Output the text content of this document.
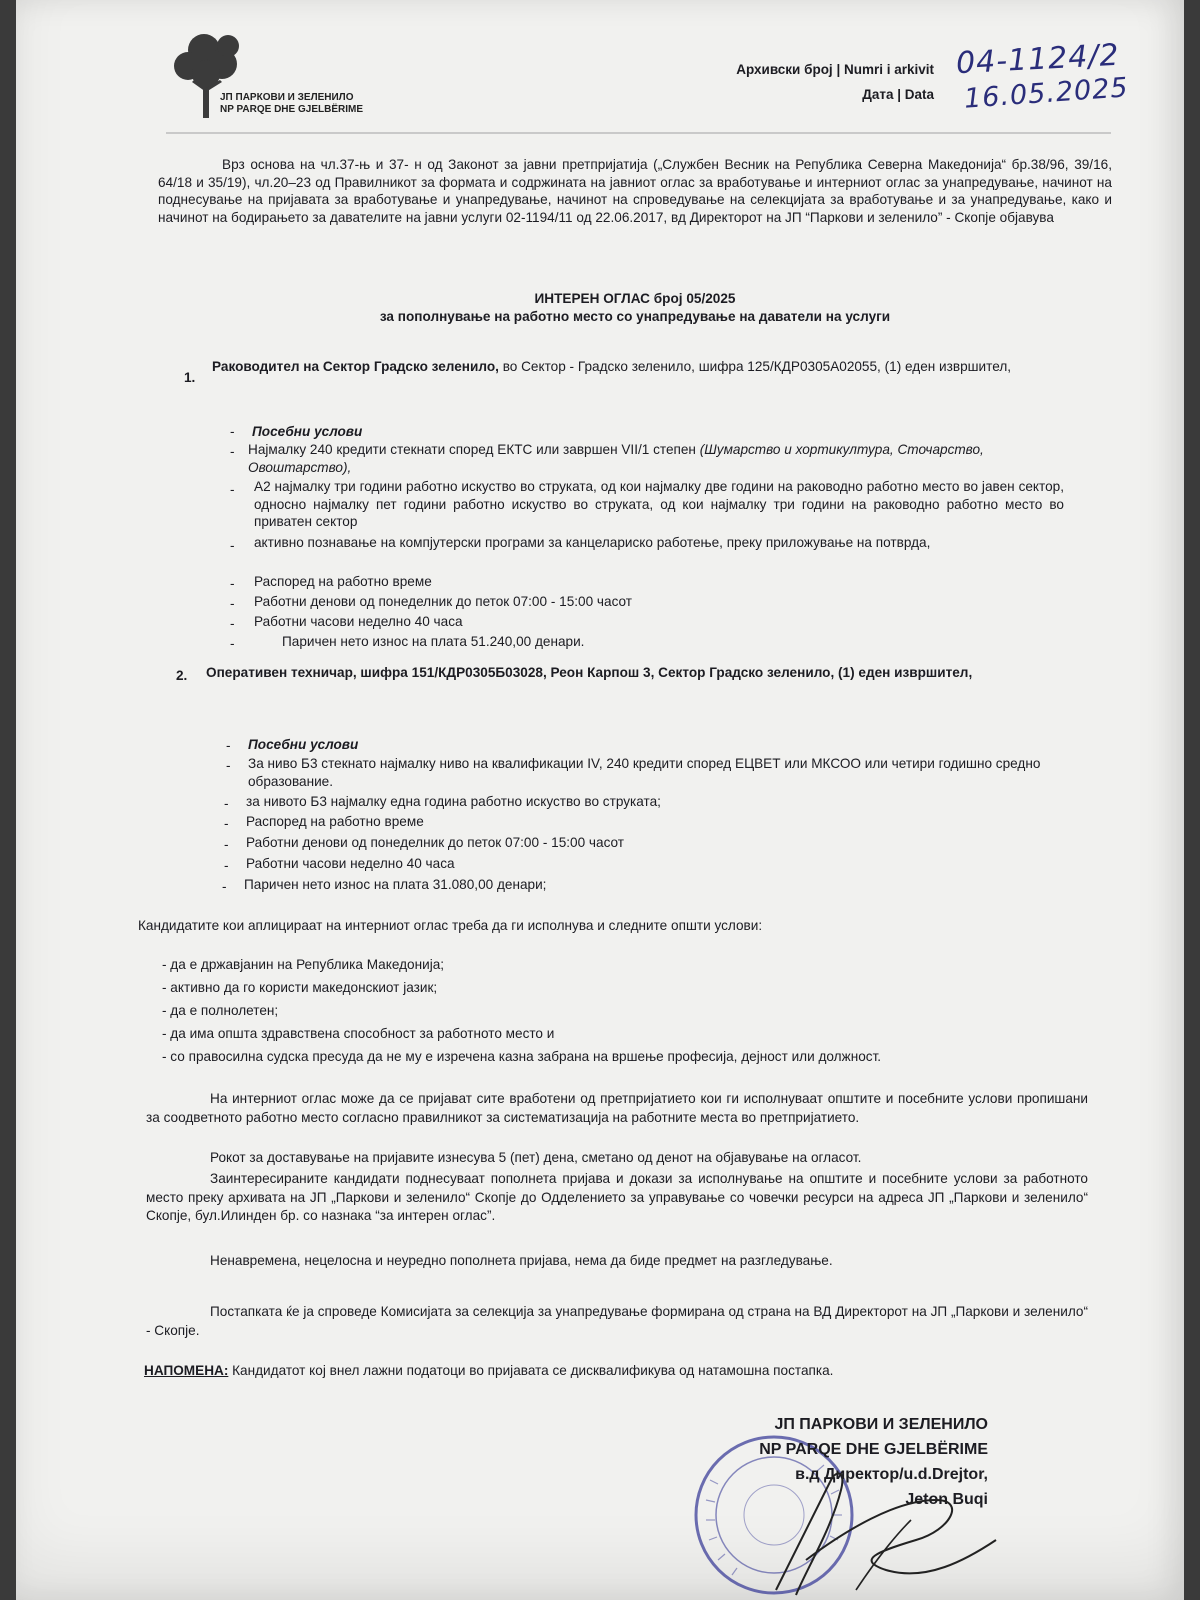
ЈП ПАРКОВИ И ЗЕЛЕНИЛО
NP PARQE DHE GJELBËRIME
Архивски број | Numri i arkivit
Дата | Data
04-1124/2
16.05.2025
Врз основа на чл.37-њ и 37- н од Законот за јавни претпријатија („Службен Весник на Република Северна Македонија“ бр.38/96, 39/16, 64/18 и 35/19), чл.20–23 од Правилникот за формата и содржината на јавниот оглас за вработување и интерниот оглас за унапредување, начинот на поднесување на пријавата за вработување и унапредување, начинот на спроведување на селекцијата за вработување и за унапредување, како и начинот на бодирањето за давателите на јавни услуги 02-1194/11 од 22.06.2017, вд Директорот на ЈП “Паркови и зеленило” - Скопје објавува
ИНТЕРЕН ОГЛАС број 05/2025
за пополнување на работно место со унапредување на даватели на услуги
1.
Раководител на Сектор Градско зеленило, во Сектор - Градско зеленило, шифра 125/КДР0305А02055, (1) еден извршител,
- Посебни услови
- Најмалку 240 кредити стекнати според ЕКТС или завршен VII/1 степен (Шумарство и хортикултура, Сточарство, Овоштарство),
- А2 најмалку три години работно искуство во струката, од кои најмалку две години на раководно работно место во јавен сектор, односно најмалку пет години работно искуство во струката, од кои најмалку три години на раководно работно место во приватен сектор
- активно познавање на компјутерски програми за канцелариско работење, преку приложување на потврда,
- Распоред на работно време
- Работни денови од понеделник до петок 07:00 - 15:00 часот
- Работни часови неделно 40 часа
-	Паричен нето износ на плата 51.240,00 денари.
2. Оперативен техничар, шифра 151/КДР0305Б03028, Реон Карпош 3, Сектор Градско зеленило, (1) еден извршител,
- Посебни услови
- За ниво Б3 стекнато најмалку ниво на квалификации IV, 240 кредити според ЕЦВЕТ или МКСОО или четири годишно средно образование.
- за нивото Б3 најмалку една година работно искуство во струката;
- Распоред на работно време
- Работни денови од понеделник до петок 07:00 - 15:00 часот
- Работни часови неделно 40 часа
- Паричен нето износ на плата 31.080,00 денари;
Кандидатите кои аплицираат на интерниот оглас треба да ги исполнува и следните општи услови:
- да е државјанин на Република Македонија;
- активно да го користи македонскиот јазик;
- да е полнолетен;
- да има општа здравствена способност за работното место и
- со правосилна судска пресуда да не му е изречена казна забрана на вршење професија, дејност или должност.
На интерниот оглас може да се пријават сите вработени од претпријатието кои ги исполнуваат општите и посебните услови пропишани за соодветното работно место согласно правилникот за систематизација на работните места во претпријатието.
Рокот за доставување на пријавите изнесува 5 (пет) дена, сметано од денот на објавување на огласот.
Заинтересираните кандидати поднесуваат пополнета пријава и докази за исполнување на општите и посебните услови за работното место преку архивата на ЈП „Паркови и зеленило“ Скопје до Одделението за управување со човечки ресурси на адреса ЈП „Паркови и зеленило“ Скопје, бул.Илинден бр. со назнака “за интерен оглас”.
Ненавремена, нецелосна и неуредно пополнета пријава, нема да биде предмет на разгледување.
Постапката ќе ја спроведе Комисијата за селекција за унапредување формирана од страна на ВД Директорот на ЈП „Паркови и зеленило“ - Скопје.
НАПОМЕНА: Кандидатот кој внел лажни податоци во пријавата се дисквалификува од натамошна постапка.
ЈП ПАРКОВИ И ЗЕЛЕНИЛО
NP PARQE DHE GJELBËRIME
в.д Директор/u.d.Drejtor,
Jeton Buqi
